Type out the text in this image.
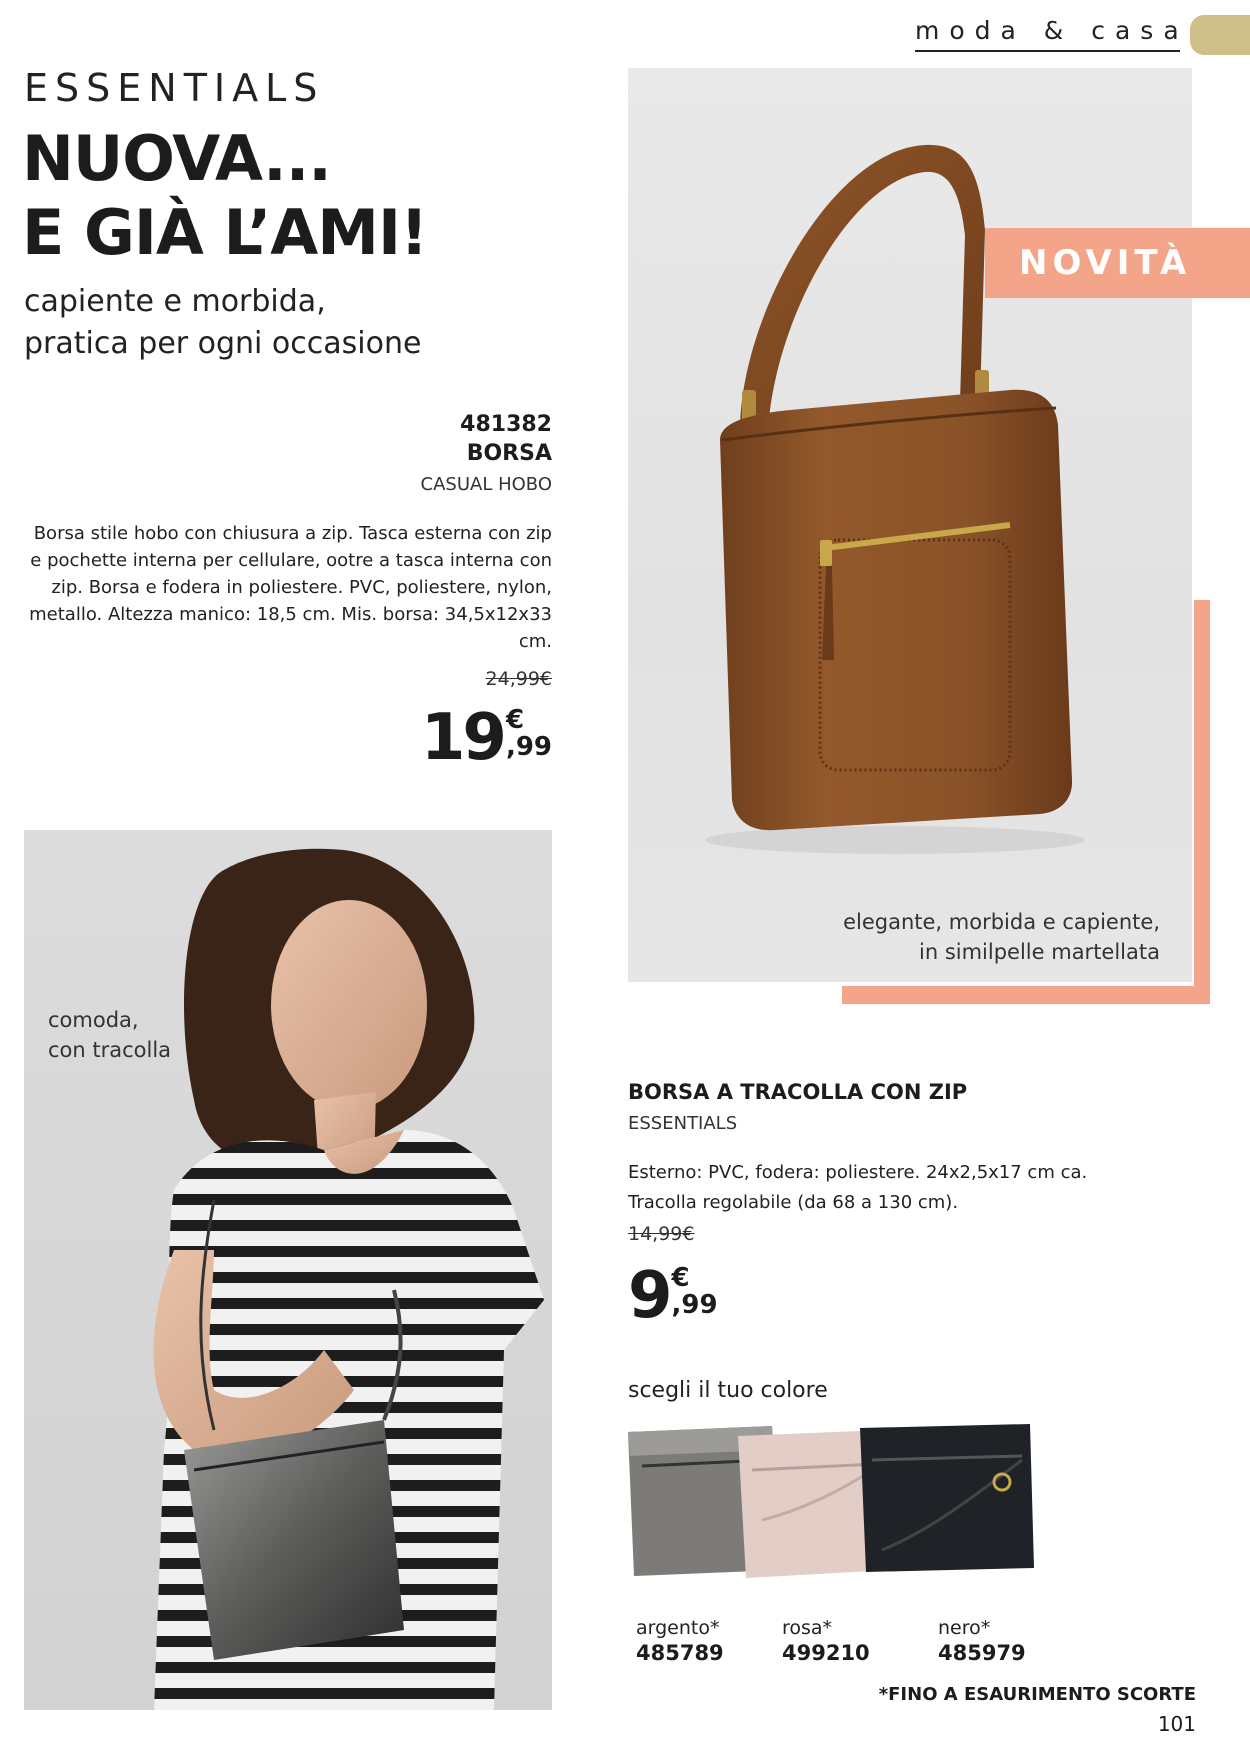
moda & casa
ESSENTIALS
NUOVA...
E GIÀ L’AMI!
capiente e morbida,
pratica per ogni occasione
481382
BORSA
CASUAL HOBO
Borsa stile hobo con chiusura a zip. Tasca esterna con zip e pochette interna per cellulare, ootre a tasca interna con zip. Borsa e fodera in poliestere. PVC, poliestere, nylon, metallo. Altezza manico: 18,5 cm. Mis. borsa: 34,5x12x33 cm.
24,99€
19 €
,99
NOVITÀ
elegante, morbida e capiente,
in similpelle martellata
comoda,
con tracolla
BORSA A TRACOLLA CON ZIP
ESSENTIALS
Esterno: PVC, fodera: poliestere. 24x2,5x17 cm ca.
Tracolla regolabile (da 68 a 130 cm).
14,99€
9 €
,99
scegli il tuo colore
argento*
485789
rosa*
499210
nero*
485979
*FINO A ESAURIMENTO SCORTE
101
